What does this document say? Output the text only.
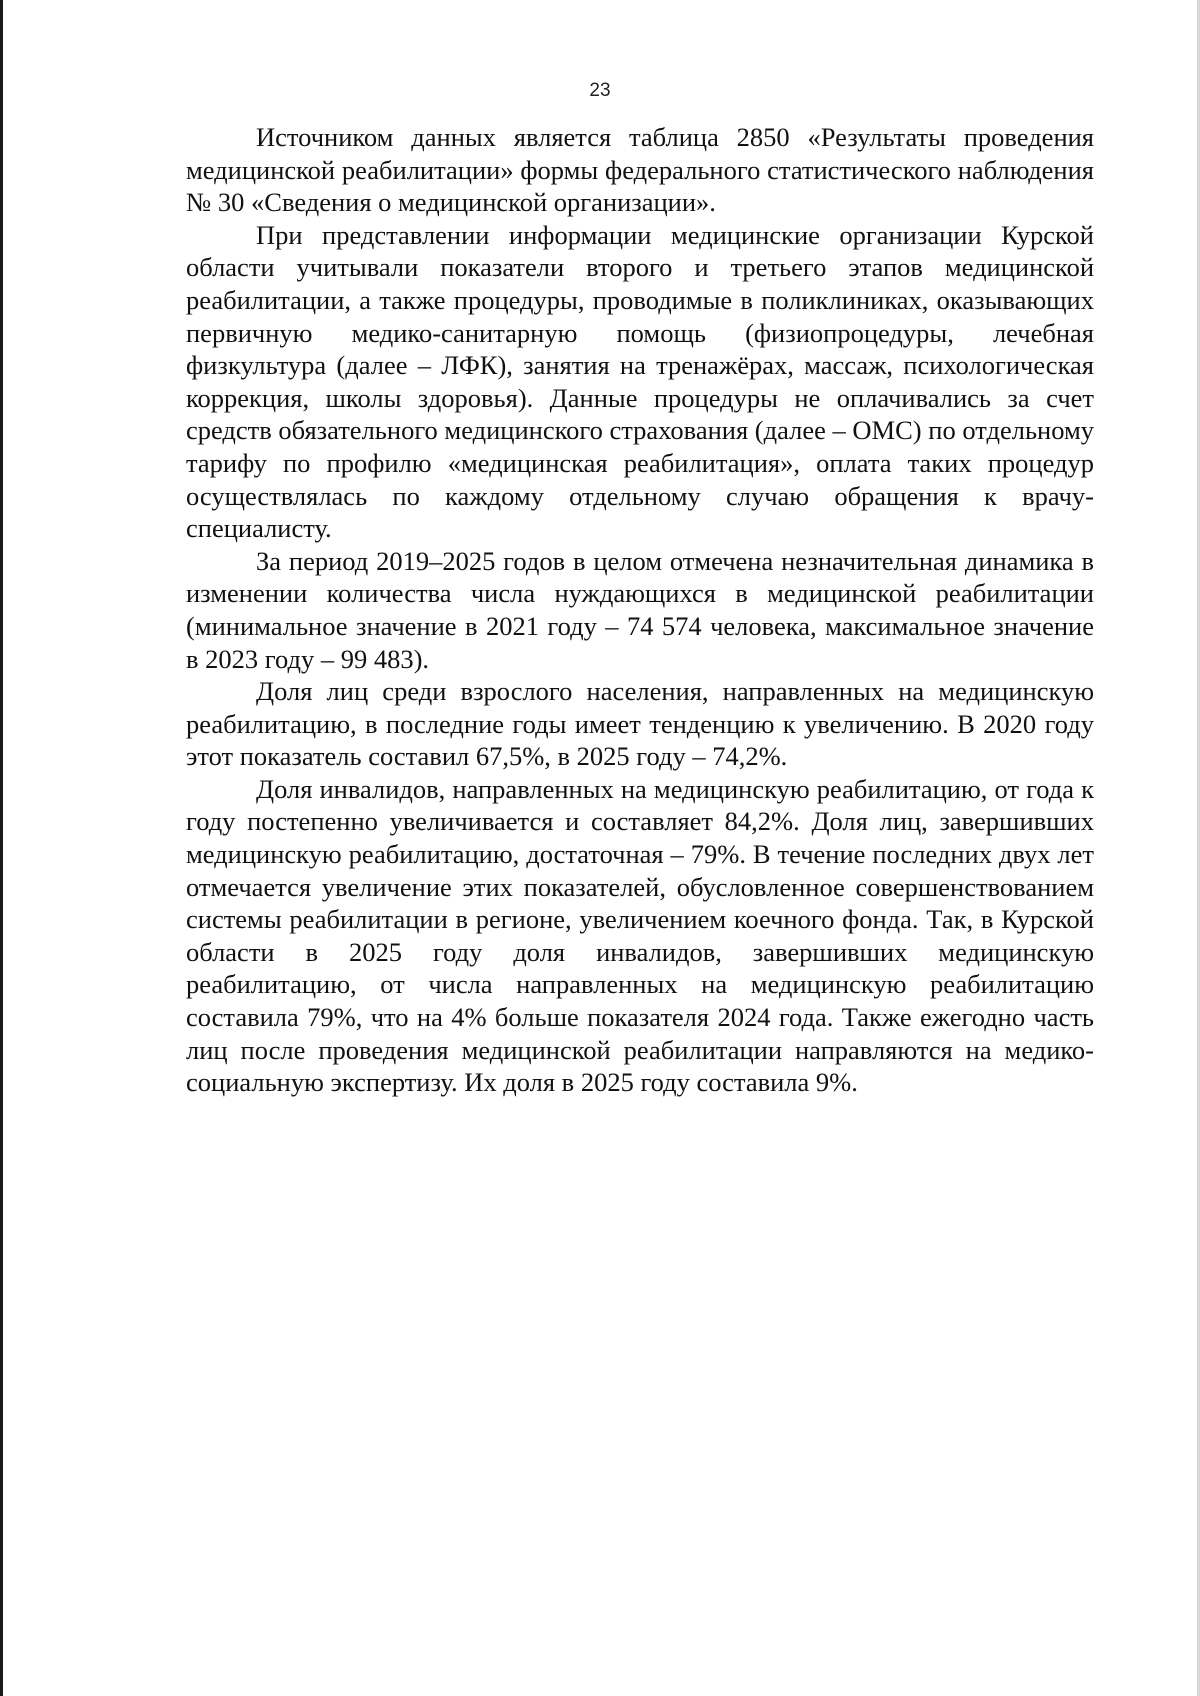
23

Источником данных является таблица 2850 «Результаты проведения медицинской реабилитации» формы федерального статистического наблюдения № 30 «Сведения о медицинской организации».

При представлении информации медицинские организации Курской области учитывали показатели второго и третьего этапов медицинской реабилитации, а также процедуры, проводимые в поликлиниках, оказывающих первичную медико-санитарную помощь (физиопроцедуры, лечебная физкультура (далее – ЛФК), занятия на тренажёрах, массаж, психологическая коррекция, школы здоровья). Данные процедуры не оплачивались за счет средств обязательного медицинского страхования (далее – ОМС) по отдельному тарифу по профилю «медицинская реабилитация», оплата таких процедур осуществлялась по каждому отдельному случаю обращения к врачу-специалисту.

За период 2019–2025 годов в целом отмечена незначительная динамика в изменении количества числа нуждающихся в медицинской реабилитации (минимальное значение в 2021 году – 74 574 человека, максимальное значение в 2023 году – 99 483).

Доля лиц среди взрослого населения, направленных на медицинскую реабилитацию, в последние годы имеет тенденцию к увеличению. В 2020 году этот показатель составил 67,5%, в 2025 году – 74,2%.

Доля инвалидов, направленных на медицинскую реабилитацию, от года к году постепенно увеличивается и составляет 84,2%. Доля лиц, завершивших медицинскую реабилитацию, достаточная – 79%. В течение последних двух лет отмечается увеличение этих показателей, обусловленное совершенствованием системы реабилитации в регионе, увеличением коечного фонда. Так, в Курской области в 2025 году доля инвалидов, завершивших медицинскую реабилитацию, от числа направленных на медицинскую реабилитацию составила 79%, что на 4% больше показателя 2024 года. Также ежегодно часть лиц после проведения медицинской реабилитации направляются на медико-социальную экспертизу. Их доля в 2025 году составила 9%.
